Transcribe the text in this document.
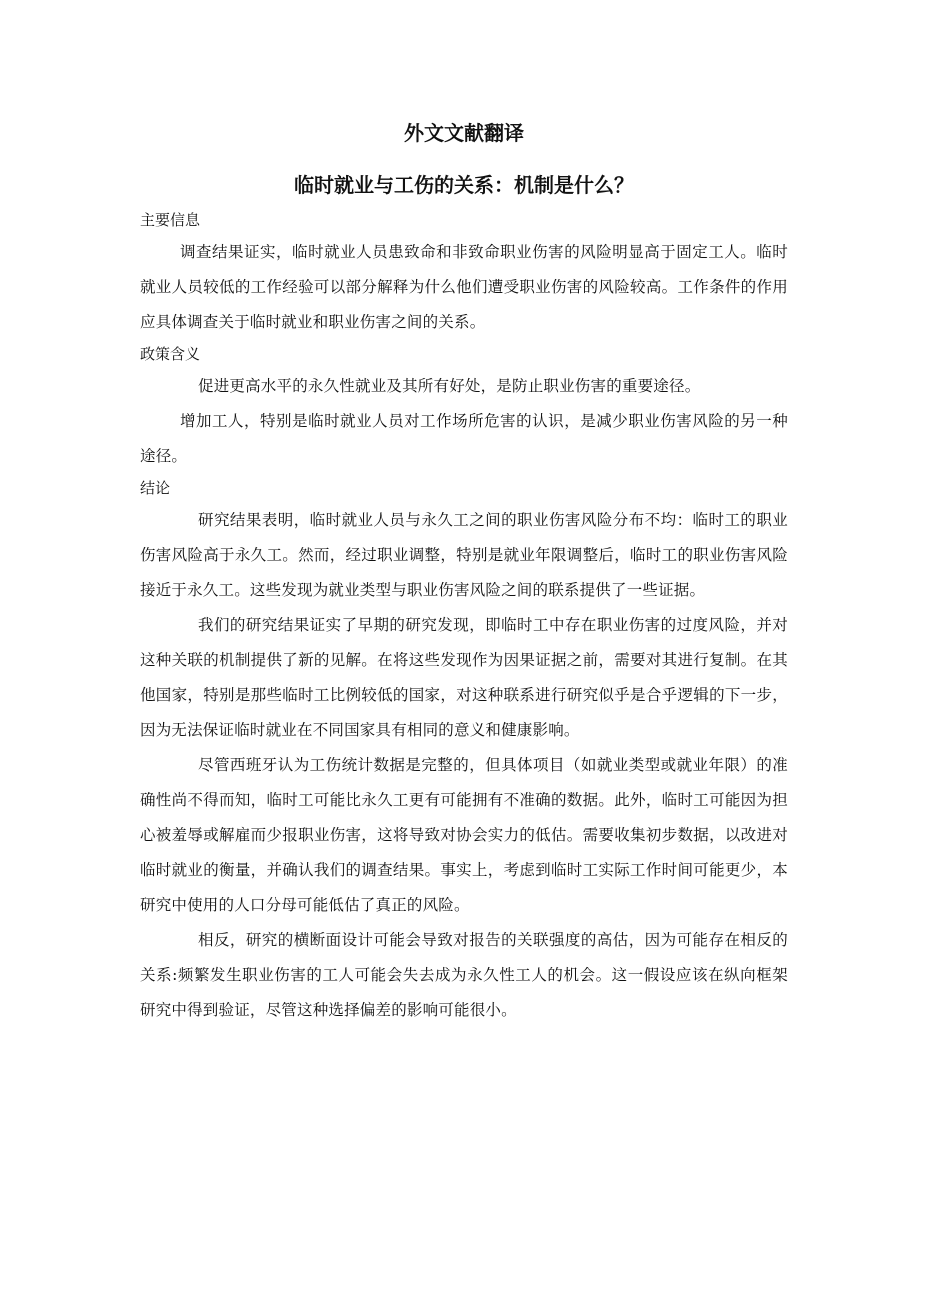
外文文献翻译
临时就业与工伤的关系：机制是什么？
主要信息

调查结果证实，临时就业人员患致命和非致命职业伤害的风险明显高于固定工人。临时就业人员较低的工作经验可以部分解释为什么他们遭受职业伤害的风险较高。工作条件的作用应具体调查关于临时就业和职业伤害之间的关系。

政策含义

促进更高水平的永久性就业及其所有好处，是防止职业伤害的重要途径。

增加工人，特别是临时就业人员对工作场所危害的认识，是减少职业伤害风险的另一种途径。

结论

研究结果表明，临时就业人员与永久工之间的职业伤害风险分布不均：临时工的职业伤害风险高于永久工。然而，经过职业调整，特别是就业年限调整后，临时工的职业伤害风险接近于永久工。这些发现为就业类型与职业伤害风险之间的联系提供了一些证据。

我们的研究结果证实了早期的研究发现，即临时工中存在职业伤害的过度风险，并对这种关联的机制提供了新的见解。在将这些发现作为因果证据之前，需要对其进行复制。在其他国家，特别是那些临时工比例较低的国家，对这种联系进行研究似乎是合乎逻辑的下一步，因为无法保证临时就业在不同国家具有相同的意义和健康影响。

尽管西班牙认为工伤统计数据是完整的，但具体项目（如就业类型或就业年限）的准确性尚不得而知，临时工可能比永久工更有可能拥有不准确的数据。此外，临时工可能因为担心被羞辱或解雇而少报职业伤害，这将导致对协会实力的低估。需要收集初步数据，以改进对临时就业的衡量，并确认我们的调查结果。事实上，考虑到临时工实际工作时间可能更少，本研究中使用的人口分母可能低估了真正的风险。

相反，研究的横断面设计可能会导致对报告的关联强度的高估，因为可能存在相反的关系:频繁发生职业伤害的工人可能会失去成为永久性工人的机会。这一假设应该在纵向框架研究中得到验证，尽管这种选择偏差的影响可能很小。
